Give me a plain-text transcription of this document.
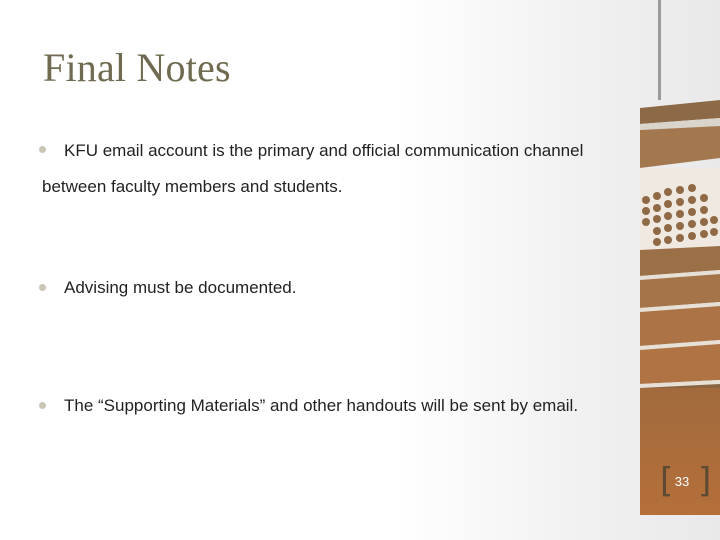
Final Notes
KFU email account is the primary and official communication channel
between faculty members and students.
Advising must be documented.
The “Supporting Materials” and other handouts will be sent by email.
[ ]
33
